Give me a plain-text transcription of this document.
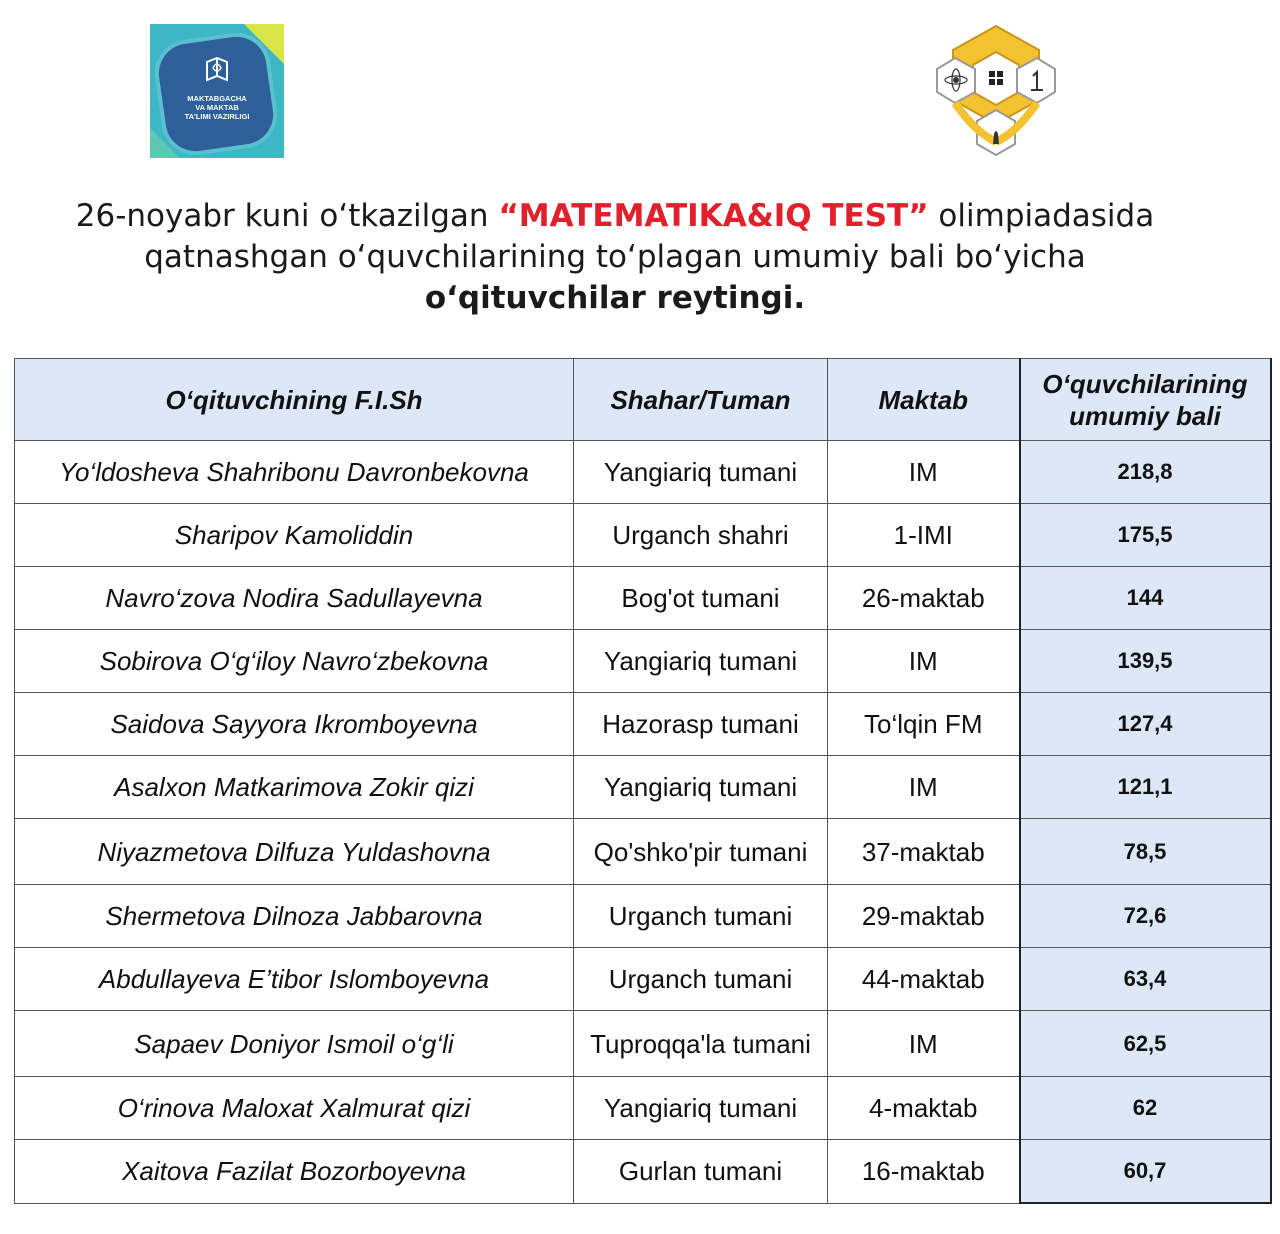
MAKTABGACHA
VA MAKTAB
TA'LIMI VAZIRLIGI
26-noyabr kuni o‘tkazilgan “MATEMATIKA&IQ TEST” olimpiadasida
qatnashgan o‘quvchilarining to‘plagan umumiy bali bo‘yicha
o‘qituvchilar reytingi.
O‘qituvchining F.I.Sh	Shahar/Tuman	Maktab	O‘quvchilarining umumiy bali
Yo‘ldosheva Shahribonu Davronbekovna	Yangiariq tumani	IM	218,8
Sharipov Kamoliddin	Urganch shahri	1-IMI	175,5
Navro‘zova Nodira Sadullayevna	Bog'ot tumani	26-maktab	144
Sobirova O‘g‘iloy Navro‘zbekovna	Yangiariq tumani	IM	139,5
Saidova Sayyora Ikromboyevna	Hazorasp tumani	To‘lqin FM	127,4
Asalxon Matkarimova Zokir qizi	Yangiariq tumani	IM	121,1
Niyazmetova Dilfuza Yuldashovna	Qo'shko'pir tumani	37-maktab	78,5
Shermetova Dilnoza Jabbarovna	Urganch tumani	29-maktab	72,6
Abdullayeva E’tibor Islomboyevna	Urganch tumani	44-maktab	63,4
Sapaev Doniyor Ismoil o‘g‘li	Tuproqqa'la tumani	IM	62,5
O‘rinova Maloxat Xalmurat qizi	Yangiariq tumani	4-maktab	62
Xaitova Fazilat Bozorboyevna	Gurlan tumani	16-maktab	60,7
